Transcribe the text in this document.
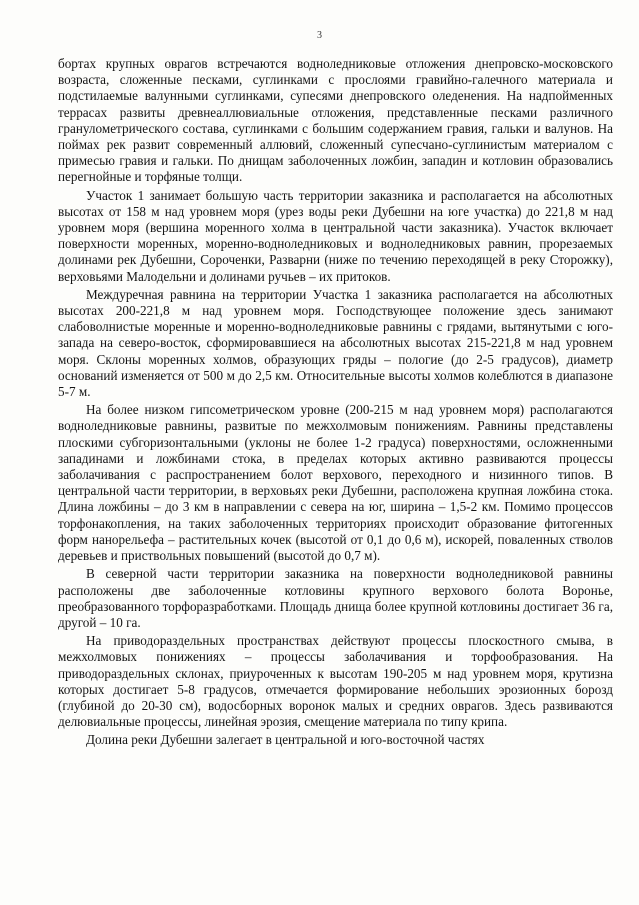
3

бортах крупных оврагов встречаются водноледниковые отложения днепровско-московского возраста, сложенные песками, суглинками с прослоями гравийно-галечного материала и подстилаемые валунными суглинками, супесями днепровского оледенения. На надпойменных террасах развиты древнеаллювиальные отложения, представленные песками различного гранулометрического состава, суглинками с большим содержанием гравия, гальки и валунов. На поймах рек развит современный аллювий, сложенный супесчано-суглинистым материалом с примесью гравия и гальки. По днищам заболоченных ложбин, западин и котловин образовались перегнойные и торфяные толщи.

Участок 1 занимает большую часть территории заказника и располагается на абсолютных высотах от 158 м над уровнем моря (урез воды реки Дубешни на юге участка) до 221,8 м над уровнем моря (вершина моренного холма в центральной части заказника). Участок включает поверхности моренных, моренно-водноледниковых и водноледниковых равнин, прорезаемых долинами рек Дубешни, Сороченки, Разварни (ниже по течению переходящей в реку Сторожку), верховьями Малодельни и долинами ручьев – их притоков.

Междуречная равнина на территории Участка 1 заказника располагается на абсолютных высотах 200-221,8 м над уровнем моря. Господствующее положение здесь занимают слабоволнистые моренные и моренно-водноледниковые равнины с грядами, вытянутыми с юго-запада на северо-восток, сформировавшиеся на абсолютных высотах 215-221,8 м над уровнем моря. Склоны моренных холмов, образующих гряды – пологие (до 2-5 градусов), диаметр оснований изменяется от 500 м до 2,5 км. Относительные высоты холмов колеблются в диапазоне 5-7 м.

На более низком гипсометрическом уровне (200-215 м над уровнем моря) располагаются водноледниковые равнины, развитые по межхолмовым понижениям. Равнины представлены плоскими субгоризонтальными (уклоны не более 1-2 градуса) поверхностями, осложненными западинами и ложбинами стока, в пределах которых активно развиваются процессы заболачивания с распространением болот верхового, переходного и низинного типов. В центральной части территории, в верховьях реки Дубешни, расположена крупная ложбина стока. Длина ложбины – до 3 км в направлении с севера на юг, ширина – 1,5-2 км. Помимо процессов торфонакопления, на таких заболоченных территориях происходит образование фитогенных форм нанорельефа – растительных кочек (высотой от 0,1 до 0,6 м), искорей, поваленных стволов деревьев и приствольных повышений (высотой до 0,7 м).

В северной части территории заказника на поверхности водноледниковой равнины расположены две заболоченные котловины крупного верхового болота Воронье, преобразованного торфоразработками. Площадь днища более крупной котловины достигает 36 га, другой – 10 га.

На приводораздельных пространствах действуют процессы плоскостного смыва, в межхолмовых понижениях – процессы заболачивания и торфообразования. На приводораздельных склонах, приуроченных к высотам 190-205 м над уровнем моря, крутизна которых достигает 5-8 градусов, отмечается формирование небольших эрозионных борозд (глубиной до 20-30 см), водосборных воронок малых и средних оврагов. Здесь развиваются делювиальные процессы, линейная эрозия, смещение материала по типу крипа.

Долина реки Дубешни залегает в центральной и юго-восточной частях
